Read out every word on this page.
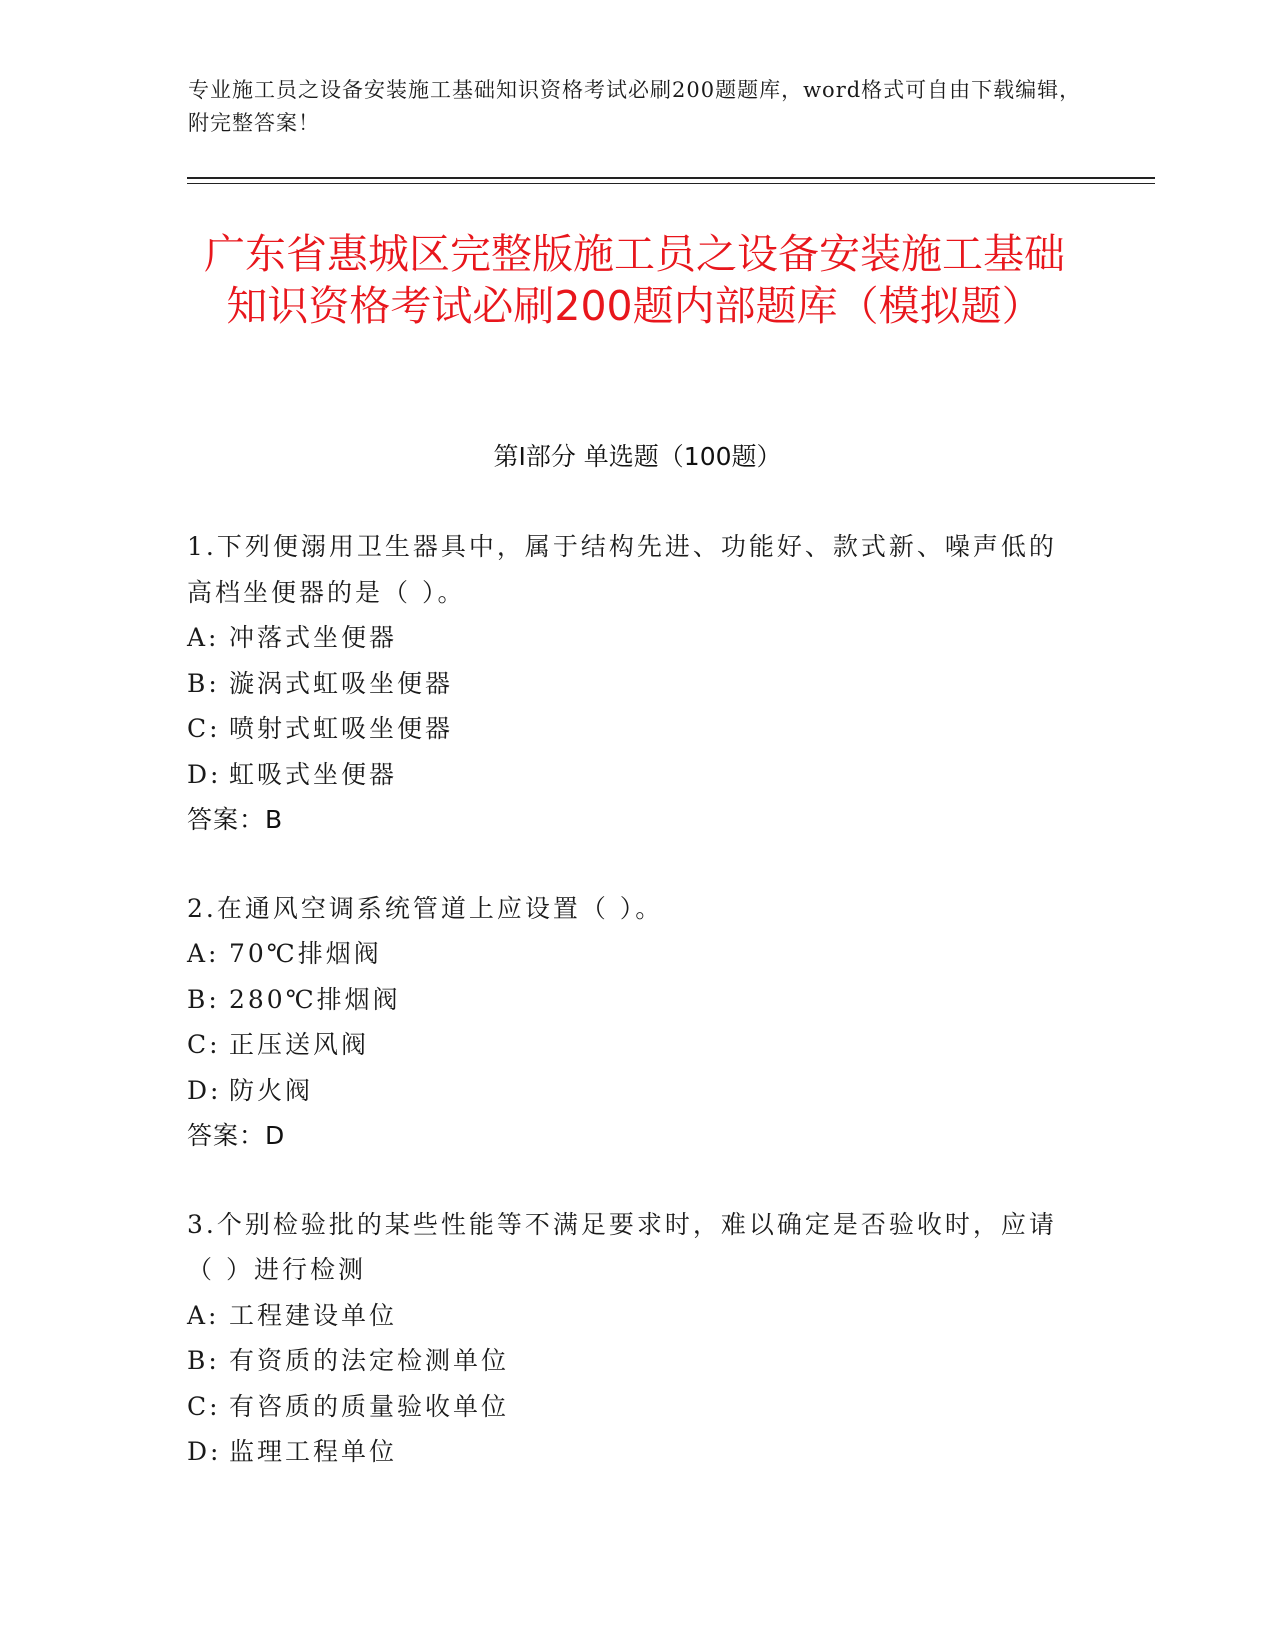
专业施工员之设备安装施工基础知识资格考试必刷200题题库，word格式可自由下载编辑，附完整答案！
广东省惠城区完整版施工员之设备安装施工基础知识资格考试必刷200题内部题库（模拟题）
第Ⅰ部分 单选题（100题）
1.下列便溺用卫生器具中，属于结构先进、功能好、款式新、噪声低的高档坐便器的是（ ）。
A: 冲落式坐便器
B: 漩涡式虹吸坐便器
C: 喷射式虹吸坐便器
D: 虹吸式坐便器
答案：B
2.在通风空调系统管道上应设置（ ）。
A: 70℃排烟阀
B: 280℃排烟阀
C: 正压送风阀
D: 防火阀
答案：D
3.个别检验批的某些性能等不满足要求时，难以确定是否验收时，应请（ ）进行检测
A: 工程建设单位
B: 有资质的法定检测单位
C: 有咨质的质量验收单位
D: 监理工程单位
